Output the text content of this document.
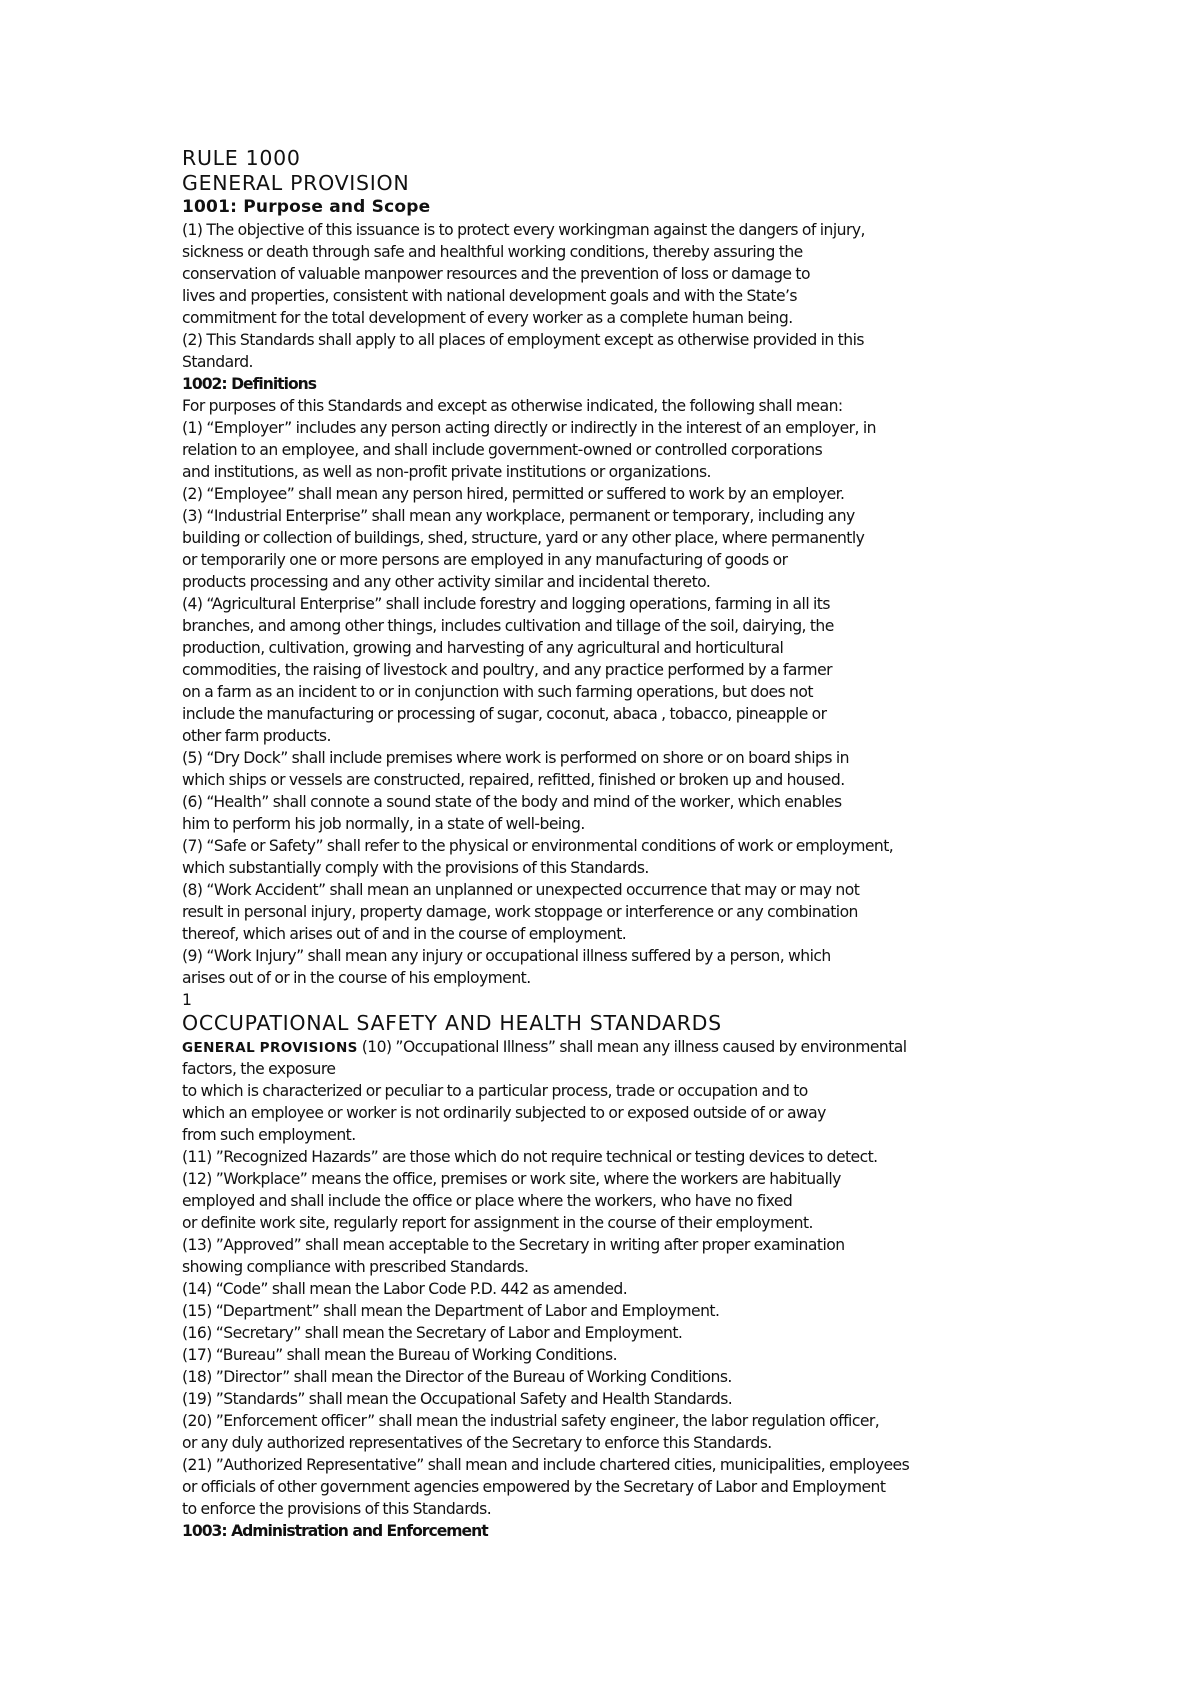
RULE 1000
GENERAL PROVISION
1001: Purpose and Scope
(1) The objective of this issuance is to protect every workingman against the dangers of injury,
sickness or death through safe and healthful working conditions, thereby assuring the
conservation of valuable manpower resources and the prevention of loss or damage to
lives and properties, consistent with national development goals and with the State’s
commitment for the total development of every worker as a complete human being.
(2) This Standards shall apply to all places of employment except as otherwise provided in this
Standard.
1002: Definitions
For purposes of this Standards and except as otherwise indicated, the following shall mean:
(1) “Employer” includes any person acting directly or indirectly in the interest of an employer, in
relation to an employee, and shall include government-owned or controlled corporations
and institutions, as well as non-profit private institutions or organizations.
(2) “Employee” shall mean any person hired, permitted or suffered to work by an employer.
(3) “Industrial Enterprise” shall mean any workplace, permanent or temporary, including any
building or collection of buildings, shed, structure, yard or any other place, where permanently
or temporarily one or more persons are employed in any manufacturing of goods or
products processing and any other activity similar and incidental thereto.
(4) “Agricultural Enterprise” shall include forestry and logging operations, farming in all its
branches, and among other things, includes cultivation and tillage of the soil, dairying, the
production, cultivation, growing and harvesting of any agricultural and horticultural
commodities, the raising of livestock and poultry, and any practice performed by a farmer
on a farm as an incident to or in conjunction with such farming operations, but does not
include the manufacturing or processing of sugar, coconut, abaca , tobacco, pineapple or
other farm products.
(5) “Dry Dock” shall include premises where work is performed on shore or on board ships in
which ships or vessels are constructed, repaired, refitted, finished or broken up and housed.
(6) “Health” shall connote a sound state of the body and mind of the worker, which enables
him to perform his job normally, in a state of well-being.
(7) “Safe or Safety” shall refer to the physical or environmental conditions of work or employment,
which substantially comply with the provisions of this Standards.
(8) “Work Accident” shall mean an unplanned or unexpected occurrence that may or may not
result in personal injury, property damage, work stoppage or interference or any combination
thereof, which arises out of and in the course of employment.
(9) “Work Injury” shall mean any injury or occupational illness suffered by a person, which
arises out of or in the course of his employment.
1
OCCUPATIONAL SAFETY AND HEALTH STANDARDS
GENERAL PROVISIONS (10) ”Occupational Illness” shall mean any illness caused by environmental
factors, the exposure
to which is characterized or peculiar to a particular process, trade or occupation and to
which an employee or worker is not ordinarily subjected to or exposed outside of or away
from such employment.
(11) ”Recognized Hazards” are those which do not require technical or testing devices to detect.
(12) ”Workplace” means the office, premises or work site, where the workers are habitually
employed and shall include the office or place where the workers, who have no fixed
or definite work site, regularly report for assignment in the course of their employment.
(13) ”Approved” shall mean acceptable to the Secretary in writing after proper examination
showing compliance with prescribed Standards.
(14) “Code” shall mean the Labor Code P.D. 442 as amended.
(15) “Department” shall mean the Department of Labor and Employment.
(16) “Secretary” shall mean the Secretary of Labor and Employment.
(17) “Bureau” shall mean the Bureau of Working Conditions.
(18) ”Director” shall mean the Director of the Bureau of Working Conditions.
(19) ”Standards” shall mean the Occupational Safety and Health Standards.
(20) ”Enforcement officer” shall mean the industrial safety engineer, the labor regulation officer,
or any duly authorized representatives of the Secretary to enforce this Standards.
(21) ”Authorized Representative” shall mean and include chartered cities, municipalities, employees
or officials of other government agencies empowered by the Secretary of Labor and Employment
to enforce the provisions of this Standards.
1003: Administration and Enforcement
